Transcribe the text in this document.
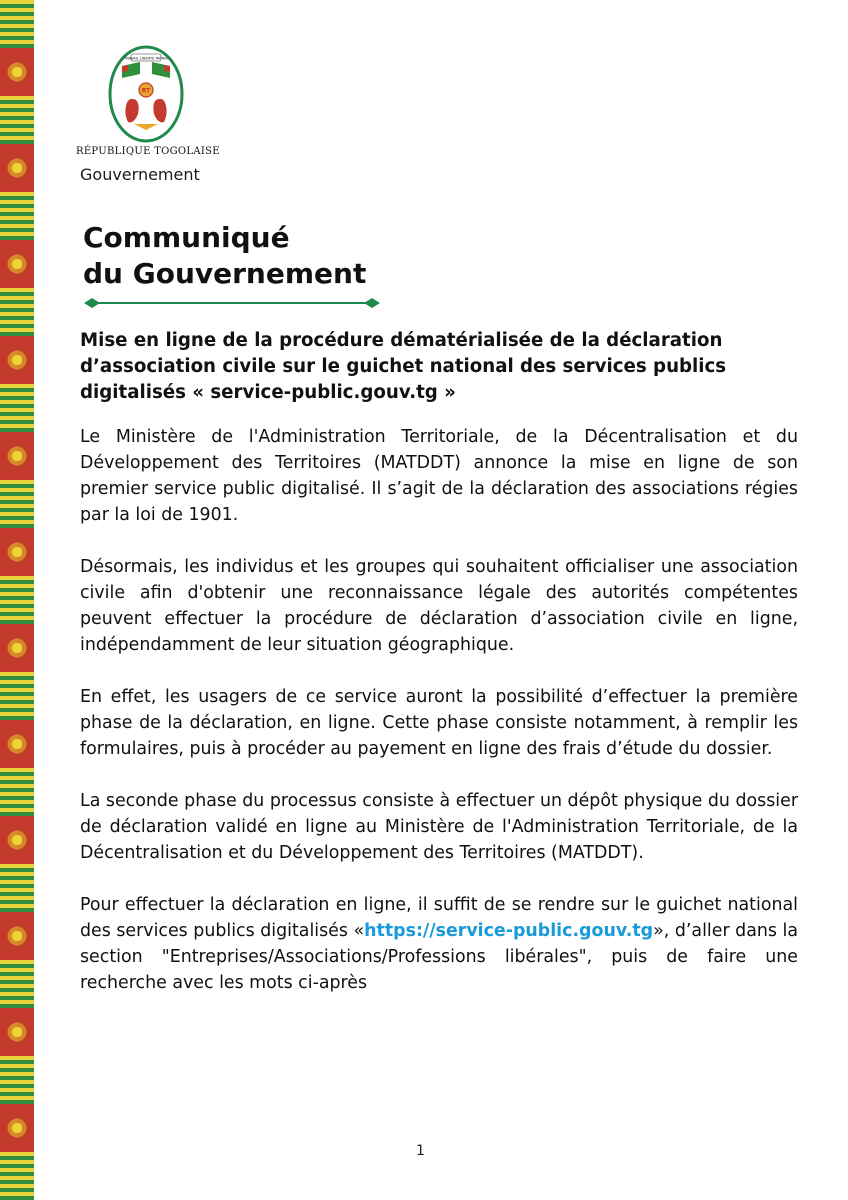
TRAVAIL LIBERTÉ PATRIE
RT
RÉPUBLIQUE TOGOLAISE
Gouvernement
Communiqué
du Gouvernement
Mise en ligne de la procédure dématérialisée de la déclaration d’association civile sur le guichet national des services publics digitalisés « service-public.gouv.tg »

Le Ministère de l'Administration Territoriale, de la Décentralisation et du Développement des Territoires (MATDDT) annonce la mise en ligne de son premier service public digitalisé. Il s’agit de la déclaration des associations régies par la loi de 1901.

Désormais, les individus et les groupes qui souhaitent officialiser une association civile afin d'obtenir une reconnaissance légale des autorités compétentes peuvent effectuer la procédure de déclaration d’association civile en ligne, indépendamment de leur situation géographique.

En effet, les usagers de ce service auront la possibilité d’effectuer la première phase de la déclaration, en ligne. Cette phase consiste notamment, à remplir les formulaires, puis à procéder au payement en ligne des frais d’étude du dossier.

La seconde phase du processus consiste à effectuer un dépôt physique du dossier de déclaration validé en ligne au Ministère de l'Administration Territoriale, de la Décentralisation et du Développement des Territoires (MATDDT).

Pour effectuer la déclaration en ligne, il suffit de se rendre sur le guichet national des services publics digitalisés «https://service-public.gouv.tg», d’aller dans la section "Entreprises/Associations/Professions libérales", puis de faire une recherche avec les mots ci-après

1
